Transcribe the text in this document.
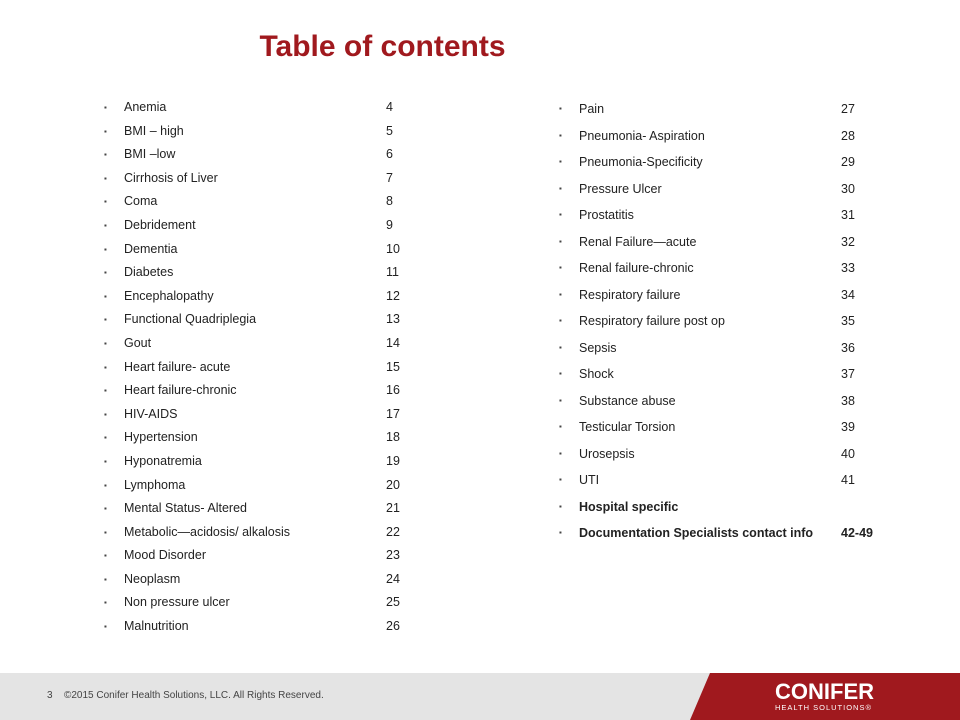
Table of contents
▪ Anemia	4
▪ BMI – high	5
▪ BMI –low	6
▪ Cirrhosis of Liver	7
▪ Coma	8
▪ Debridement	9
▪ Dementia	10
▪ Diabetes	11
▪ Encephalopathy	12
▪ Functional Quadriplegia	13
▪ Gout	14
▪ Heart failure- acute	15
▪ Heart failure-chronic	16
▪ HIV-AIDS	17
▪ Hypertension	18
▪ Hyponatremia	19
▪ Lymphoma	20
▪ Mental Status- Altered	21
▪ Metabolic—acidosis/ alkalosis	22
▪ Mood Disorder	23
▪ Neoplasm	24
▪ Non pressure ulcer	25
▪ Malnutrition	26
▪ Pain	27
▪ Pneumonia- Aspiration	28
▪ Pneumonia-Specificity	29
▪ Pressure Ulcer	30
▪ Prostatitis	31
▪ Renal Failure—acute	32
▪ Renal failure-chronic	33
▪ Respiratory failure	34
▪ Respiratory failure post op	35
▪ Sepsis	36
▪ Shock	37
▪ Substance abuse	38
▪ Testicular Torsion	39
▪ Urosepsis	40
▪ UTI	41
▪ Hospital specific
▪ Documentation Specialists contact info 42-49
3 ©2015 Conifer Health Solutions, LLC. All Rights Reserved.	CONIFER
HEALTH SOLUTIONS®
